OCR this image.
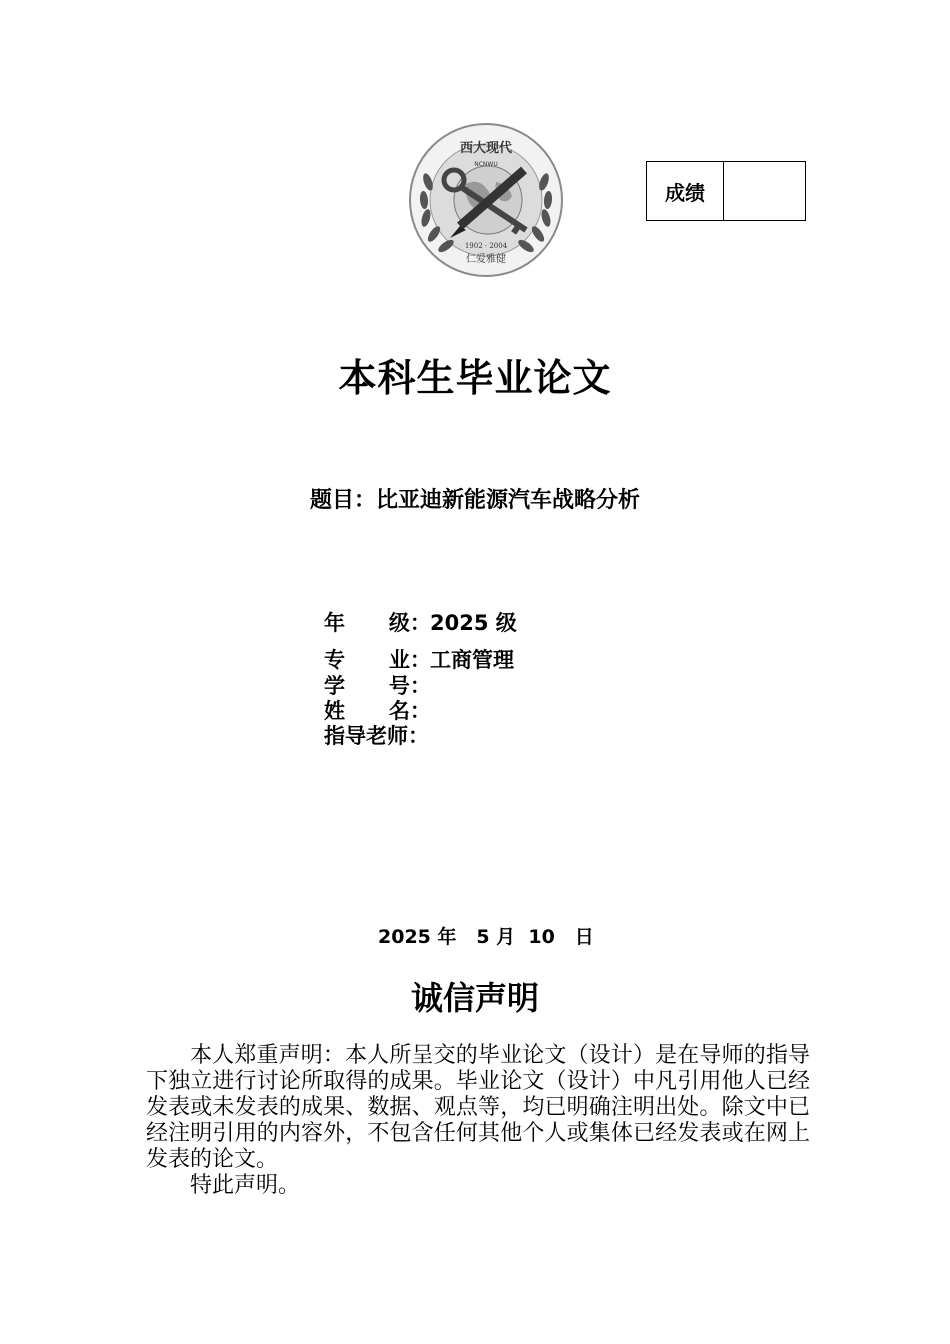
西大现代
NCNWU
1902 · 2004
仁爱雅健
成绩
本科生毕业论文
题目：比亚迪新能源汽车战略分析
年      级： 2025 级
专      业： 工商管理
学      号：
姓      名：
指导老师：
2025 年   5 月  10   日
诚信声明

本人郑重声明：本人所呈交的毕业论文（设计）是在导师的指导下独立进行讨论所取得的成果。毕业论文（设计）中凡引用他人已经发表或未发表的成果、数据、观点等，均已明确注明出处。除文中已经注明引用的内容外，不包含任何其他个人或集体已经发表或在网上发表的论文。

特此声明。
